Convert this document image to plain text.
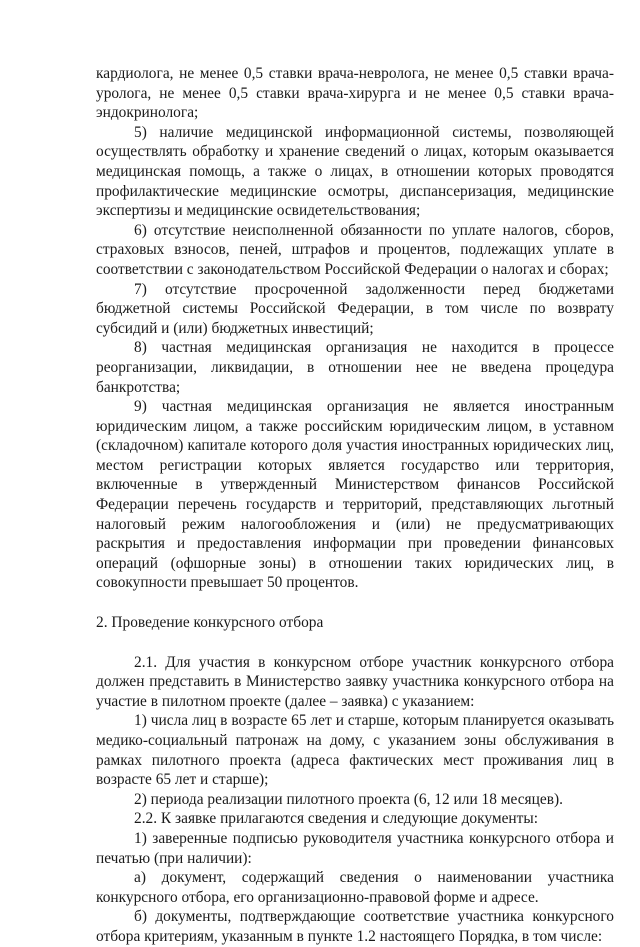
кардиолога, не менее 0,5 ставки врача-невролога, не менее 0,5 ставки врача-уролога, не менее 0,5 ставки врача-хирурга и не менее 0,5 ставки врача-эндокринолога;

5) наличие медицинской информационной системы, позволяющей осуществлять обработку и хранение сведений о лицах, которым оказывается медицинская помощь, а также о лицах, в отношении которых проводятся профилактические медицинские осмотры, диспансеризация, медицинские экспертизы и медицинские освидетельствования;

6) отсутствие неисполненной обязанности по уплате налогов, сборов, страховых взносов, пеней, штрафов и процентов, подлежащих уплате в соответствии с законодательством Российской Федерации о налогах и сборах;

7) отсутствие просроченной задолженности перед бюджетами бюджетной системы Российской Федерации, в том числе по возврату субсидий и (или) бюджетных инвестиций;

8) частная медицинская организация не находится в процессе реорганизации, ликвидации, в отношении нее не введена процедура банкротства;

9) частная медицинская организация не является иностранным юридическим лицом, а также российским юридическим лицом, в уставном (складочном) капитале которого доля участия иностранных юридических лиц, местом регистрации которых является государство или территория, включенные в утвержденный Министерством финансов Российской Федерации перечень государств и территорий, представляющих льготный налоговый режим налогообложения и (или) не предусматривающих раскрытия и предоставления информации при проведении финансовых операций (офшорные зоны) в отношении таких юридических лиц, в совокупности превышает 50 процентов.

2. Проведение конкурсного отбора

2.1. Для участия в конкурсном отборе участник конкурсного отбора должен представить в Министерство заявку участника конкурсного отбора на участие в пилотном проекте (далее – заявка) с указанием:

1) числа лиц в возрасте 65 лет и старше, которым планируется оказывать медико-социальный патронаж на дому, с указанием зоны обслуживания в рамках пилотного проекта (адреса фактических мест проживания лиц в возрасте 65 лет и старше);

2) периода реализации пилотного проекта (6, 12 или 18 месяцев).

2.2. К заявке прилагаются сведения и следующие документы:

1) заверенные подписью руководителя участника конкурсного отбора и печатью (при наличии):

а) документ, содержащий сведения о наименовании участника конкурсного отбора, его организационно-правовой форме и адресе.

б) документы, подтверждающие соответствие участника конкурсного отбора критериям, указанным в пункте 1.2 настоящего Порядка, в том числе:
